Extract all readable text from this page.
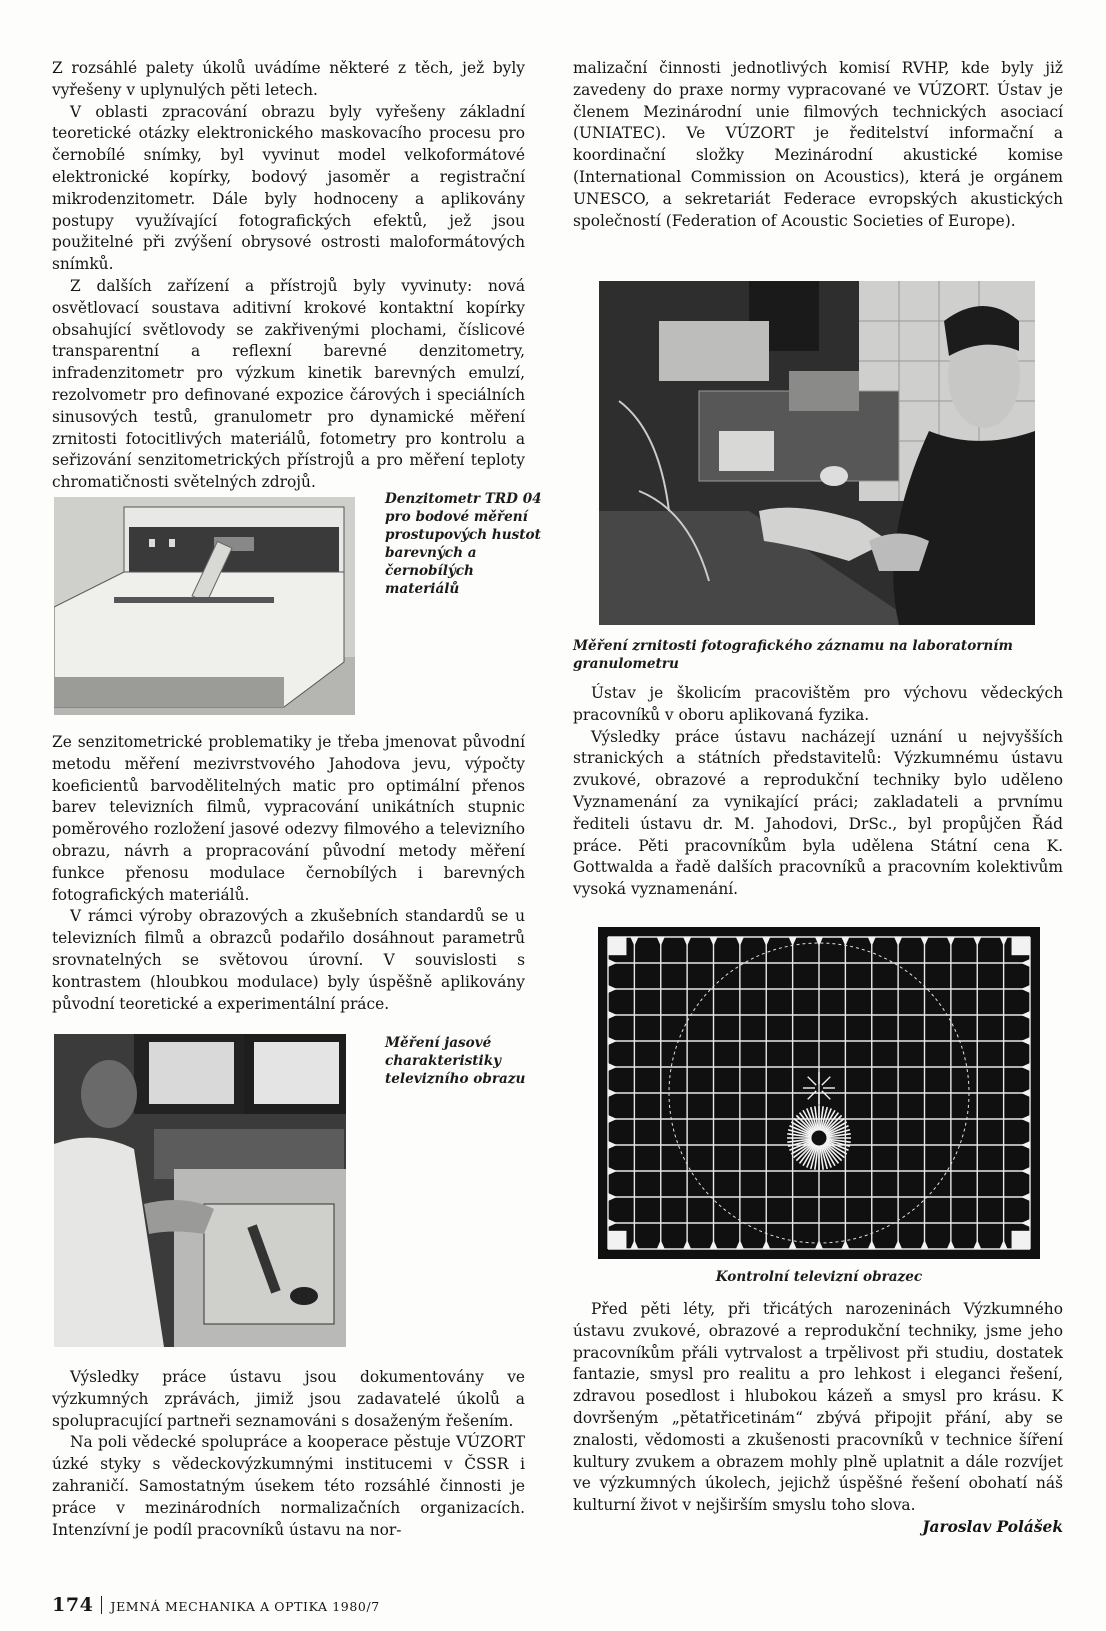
Z rozsáhlé palety úkolů uvádíme některé z těch, jež byly vyřešeny v uplynulých pěti letech.

V oblasti zpracování obrazu byly vyřešeny základní teoretické otázky elektronického maskovacího procesu pro černobílé snímky, byl vyvinut model velkoformátové elektronické kopírky, bodový jasoměr a registrační mikrodenzitometr. Dále byly hodnoceny a aplikovány postupy využívající fotografických efektů, jež jsou použitelné při zvýšení obrysové ostrosti maloformátových snímků.

Z dalších zařízení a přístrojů byly vyvinuty: nová osvětlovací soustava aditivní krokové kontaktní kopírky obsahující světlovody se zakřivenými plochami, číslicové transparentní a reflexní barevné denzitometry, infradenzitometr pro výzkum kinetik barevných emulzí, rezolvometr pro definované expozice čárových i speciálních sinusových testů, granulometr pro dynamické měření zrnitosti fotocitlivých materiálů, fotometry pro kontrolu a seřizování senzitometrických přístrojů a pro měření teploty chromatičnosti světelných zdrojů.

Denzitometr TRD 04 pro bodové měření prostupových hustot barevných a černobílých materiálů

Ze senzitometrické problematiky je třeba jmenovat původní metodu měření mezivrstvového Jahodova jevu, výpočty koeficientů barvodělitelných matic pro optimální přenos barev televizních filmů, vypracování unikátních stupnic poměrového rozložení jasové odezvy filmového a televizního obrazu, návrh a propracování původní metody měření funkce přenosu modulace černobílých i barevných fotografických materiálů.

V rámci výroby obrazových a zkušebních standardů se u televizních filmů a obrazců podařilo dosáhnout parametrů srovnatelných se světovou úrovní. V souvislosti s kontrastem (hloubkou modulace) byly úspěšně aplikovány původní teoretické a experimentální práce.

Měření jasové charakteristiky televizního obrazu

Výsledky práce ústavu jsou dokumentovány ve výzkumných zprávách, jimiž jsou zadavatelé úkolů a spolupracující partneři seznamováni s dosaženým řešením.

Na poli vědecké spolupráce a kooperace pěstuje VÚZORT úzké styky s vědeckovýzkumnými institucemi v ČSSR i zahraničí. Samostatným úsekem této rozsáhlé činnosti je práce v mezinárodních normalizačních organizacích. Intenzívní je podíl pracovníků ústavu na nor-

malizační činnosti jednotlivých komisí RVHP, kde byly již zavedeny do praxe normy vypracované ve VÚZORT. Ústav je členem Mezinárodní unie filmových technických asociací (UNIATEC). Ve VÚZORT je ředitelství informační a koordinační složky Mezinárodní akustické komise (International Commission on Acoustics), která je orgánem UNESCO, a sekretariát Federace evropských akustických společností (Federation of Acoustic Societies of Europe).

Měření zrnitosti fotografického záznamu na laboratorním granulometru

Ústav je školicím pracovištěm pro výchovu vědeckých pracovníků v oboru aplikovaná fyzika.

Výsledky práce ústavu nacházejí uznání u nejvyšších stranických a státních představitelů: Výzkumnému ústavu zvukové, obrazové a reprodukční techniky bylo uděleno Vyznamenání za vynikající práci; zakladateli a prvnímu řediteli ústavu dr. M. Jahodovi, DrSc., byl propůjčen Řád práce. Pěti pracovníkům byla udělena Státní cena K. Gottwalda a řadě dalších pracovníků a pracovním kolektivům vysoká vyznamenání.

Kontrolní televizní obrazec

Před pěti léty, při třicátých narozeninách Výzkumného ústavu zvukové, obrazové a reprodukční techniky, jsme jeho pracovníkům přáli vytrvalost a trpělivost při studiu, dostatek fantazie, smysl pro realitu a pro lehkost i eleganci řešení, zdravou posedlost i hlubokou kázeň a smysl pro krásu. K dovršeným „pětatřicetinám“ zbývá připojit přání, aby se znalosti, vědomosti a zkušenosti pracovníků v technice šíření kultury zvukem a obrazem mohly plně uplatnit a dále rozvíjet ve výzkumných úkolech, jejichž úspěšné řešení obohatí náš kulturní život v nejširším smyslu toho slova.

Jaroslav Polášek
174 JEMNÁ MECHANIKA A OPTIKA 1980/7
